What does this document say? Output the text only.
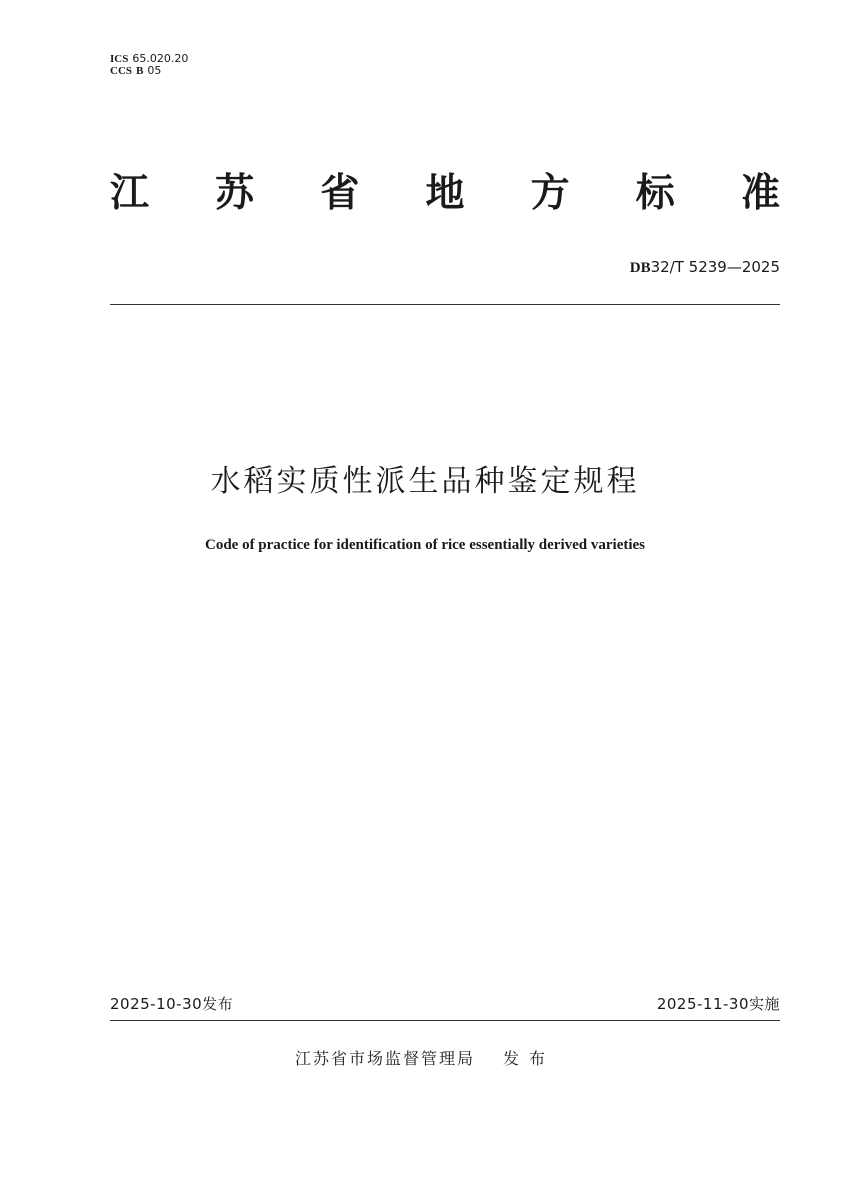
ICS 65.020.20
CCS B 05
江 苏 省 地 方 标 准
DB32/T 5239—2025
水稻实质性派生品种鉴定规程
Code of practice for identification of rice essentially derived varieties
2025-10-30发布	2025-11-30实施
江苏省市场监督管理局 发布
